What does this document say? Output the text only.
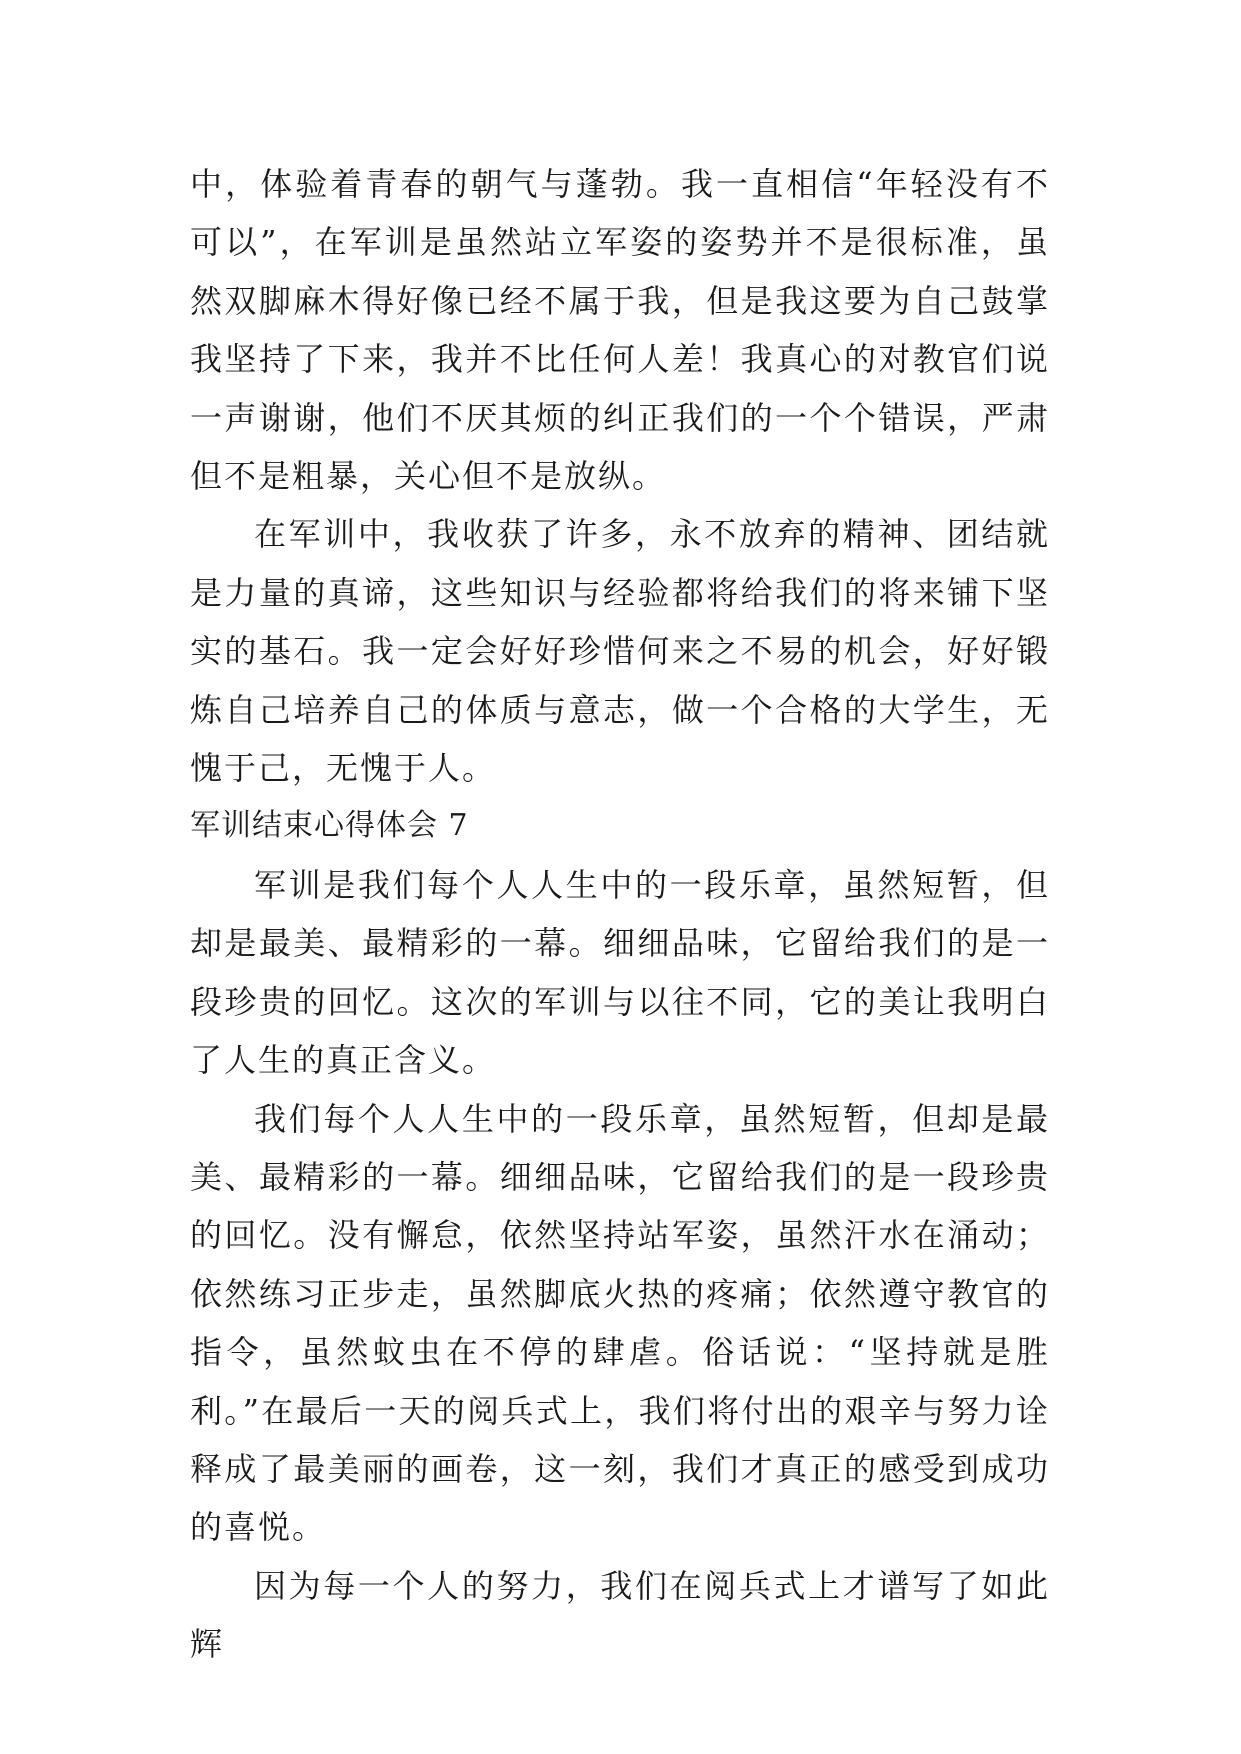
中，体验着青春的朝气与蓬勃。我一直相信“年轻没有不可以”，在军训是虽然站立军姿的姿势并不是很标准，虽然双脚麻木得好像已经不属于我，但是我这要为自己鼓掌我坚持了下来，我并不比任何人差！我真心的对教官们说一声谢谢，他们不厌其烦的纠正我们的一个个错误，严肃但不是粗暴，关心但不是放纵。

在军训中，我收获了许多，永不放弃的精神、团结就是力量的真谛，这些知识与经验都将给我们的将来铺下坚实的基石。我一定会好好珍惜何来之不易的机会，好好锻炼自己培养自己的体质与意志，做一个合格的大学生，无愧于己，无愧于人。

军训结束心得体会 7

军训是我们每个人人生中的一段乐章，虽然短暂，但却是最美、最精彩的一幕。细细品味，它留给我们的是一段珍贵的回忆。这次的军训与以往不同，它的美让我明白了人生的真正含义。

我们每个人人生中的一段乐章，虽然短暂，但却是最美、最精彩的一幕。细细品味，它留给我们的是一段珍贵的回忆。没有懈怠，依然坚持站军姿，虽然汗水在涌动；依然练习正步走，虽然脚底火热的疼痛；依然遵守教官的指令，虽然蚊虫在不停的肆虐。俗话说：“坚持就是胜利。”在最后一天的阅兵式上，我们将付出的艰辛与努力诠释成了最美丽的画卷，这一刻，我们才真正的感受到成功的喜悦。

因为每一个人的努力，我们在阅兵式上才谱写了如此辉
